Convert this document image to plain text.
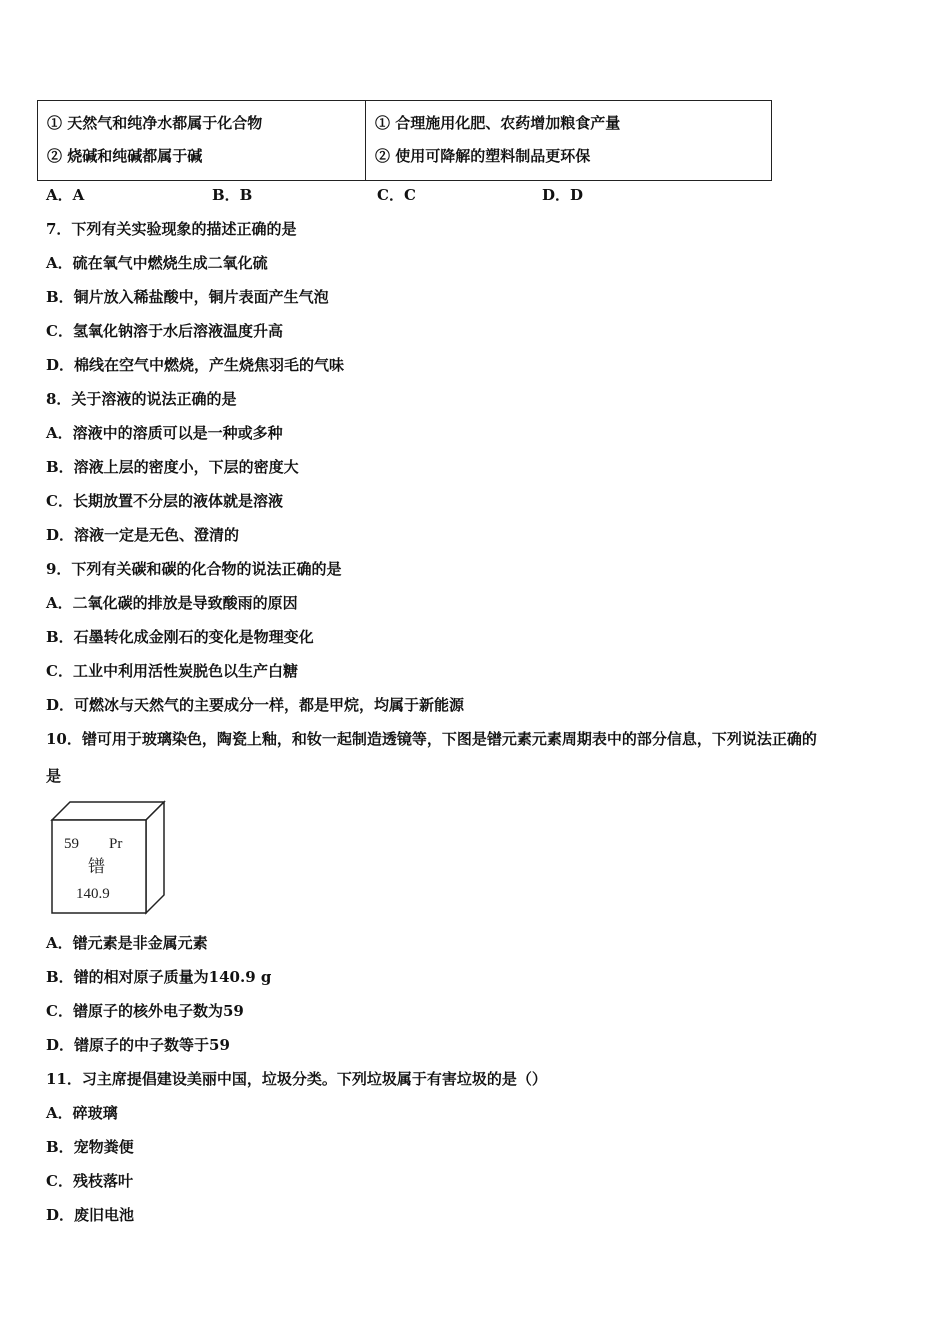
① 天然气和纯净水都属于化合物
② 烧碱和纯碱都属于碱

① 合理施用化肥、农药增加粮食产量
② 使用可降解的塑料制品更环保
A．A	B．B	C．C	D．D
7．下列有关实验现象的描述正确的是
A．硫在氧气中燃烧生成二氧化硫
B．铜片放入稀盐酸中，铜片表面产生气泡
C．氢氧化钠溶于水后溶液温度升高
D．棉线在空气中燃烧，产生烧焦羽毛的气味
8．关于溶液的说法正确的是
A．溶液中的溶质可以是一种或多种
B．溶液上层的密度小，下层的密度大
C．长期放置不分层的液体就是溶液
D．溶液一定是无色、澄清的
9．下列有关碳和碳的化合物的说法正确的是
A．二氧化碳的排放是导致酸雨的原因
B．石墨转化成金刚石的变化是物理变化
C．工业中利用活性炭脱色以生产白糖
D．可燃冰与天然气的主要成分一样，都是甲烷，均属于新能源
10．镨可用于玻璃染色，陶瓷上釉，和钕一起制造透镜等，下图是镨元素元素周期表中的部分信息，下列说法正确的
是
59 Pr
镨
140.9
A．镨元素是非金属元素
B．镨的相对原子质量为140.9 g
C．镨原子的核外电子数为59
D．镨原子的中子数等于59
11．习主席提倡建设美丽中国，垃圾分类。下列垃圾属于有害垃圾的是（）
A．碎玻璃
B．宠物粪便
C．残枝落叶
D．废旧电池
